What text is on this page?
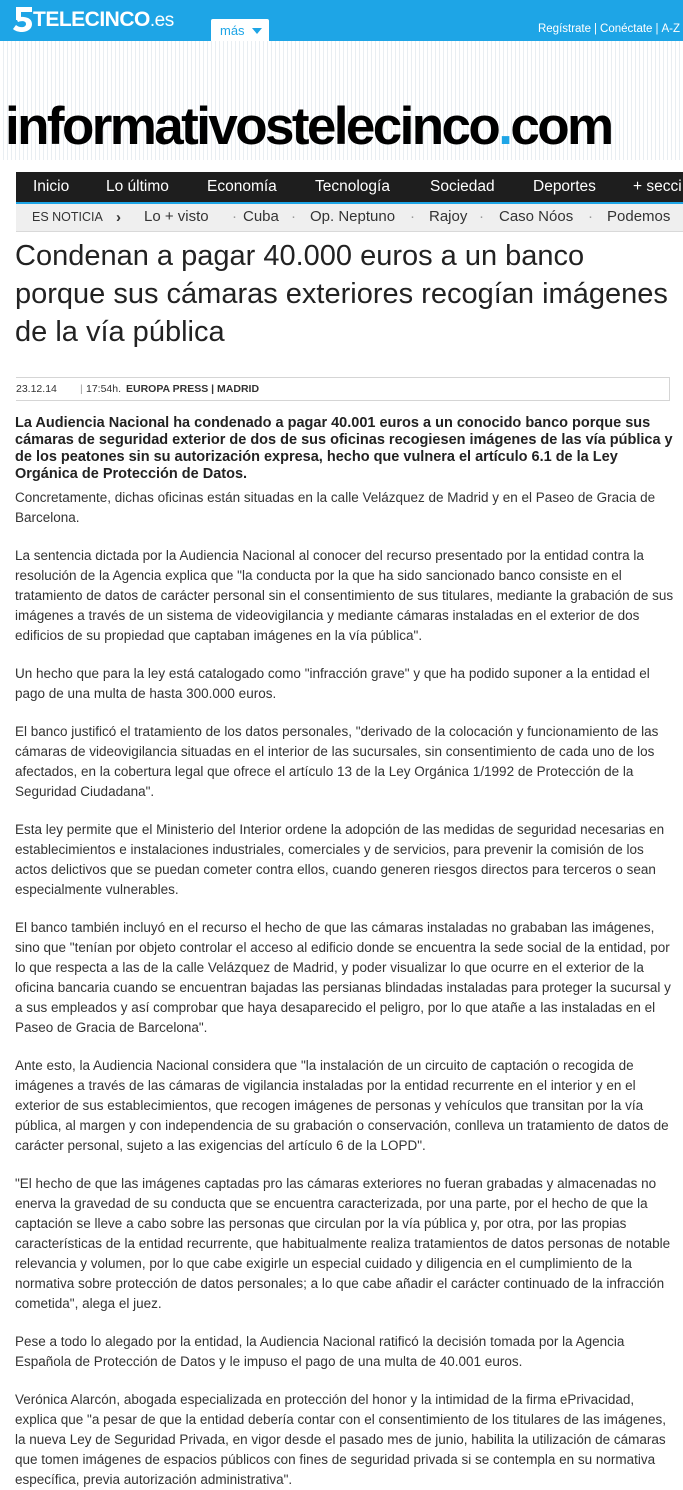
TELECINCO.es	más	Regístrate | Conéctate | A-Z
informativostelecinco.com
Inicio Lo último Economía Tecnología	Sociedad Deportes + secci
ES NOTICIA › Lo + visto · Cuba · Op. Neptuno · Rajoy · Caso Nóos · Podemos
Condenan a pagar 40.000 euros a un banco porque sus cámaras exteriores recogían imágenes de la vía pública
23.12.14 | 17:54h. EUROPA PRESS | MADRID

La Audiencia Nacional ha condenado a pagar 40.001 euros a un conocido banco porque sus cámaras de seguridad exterior de dos de sus oficinas recogiesen imágenes de las vía pública y de los peatones sin su autorización expresa, hecho que vulnera el artículo 6.1 de la Ley Orgánica de Protección de Datos.

Concretamente, dichas oficinas están situadas en la calle Velázquez de Madrid y en el Paseo de Gracia de Barcelona.

La sentencia dictada por la Audiencia Nacional al conocer del recurso presentado por la entidad contra la resolución de la Agencia explica que "la conducta por la que ha sido sancionado banco consiste en el tratamiento de datos de carácter personal sin el consentimiento de sus titulares, mediante la grabación de sus imágenes a través de un sistema de videovigilancia y mediante cámaras instaladas en el exterior de dos edificios de su propiedad que captaban imágenes en la vía pública".

Un hecho que para la ley está catalogado como "infracción grave" y que ha podido suponer a la entidad el pago de una multa de hasta 300.000 euros.

El banco justificó el tratamiento de los datos personales, "derivado de la colocación y funcionamiento de las cámaras de videovigilancia situadas en el interior de las sucursales, sin consentimiento de cada uno de los afectados, en la cobertura legal que ofrece el artículo 13 de la Ley Orgánica 1/1992 de Protección de la Seguridad Ciudadana".

Esta ley permite que el Ministerio del Interior ordene la adopción de las medidas de seguridad necesarias en establecimientos e instalaciones industriales, comerciales y de servicios, para prevenir la comisión de los actos delictivos que se puedan cometer contra ellos, cuando generen riesgos directos para terceros o sean especialmente vulnerables.

El banco también incluyó en el recurso el hecho de que las cámaras instaladas no grababan las imágenes, sino que "tenían por objeto controlar el acceso al edificio donde se encuentra la sede social de la entidad, por lo que respecta a las de la calle Velázquez de Madrid, y poder visualizar lo que ocurre en el exterior de la oficina bancaria cuando se encuentran bajadas las persianas blindadas instaladas para proteger la sucursal y a sus empleados y así comprobar que haya desaparecido el peligro, por lo que atañe a las instaladas en el Paseo de Gracia de Barcelona".

Ante esto, la Audiencia Nacional considera que "la instalación de un circuito de captación o recogida de imágenes a través de las cámaras de vigilancia instaladas por la entidad recurrente en el interior y en el exterior de sus establecimientos, que recogen imágenes de personas y vehículos que transitan por la vía pública, al margen y con independencia de su grabación o conservación, conlleva un tratamiento de datos de carácter personal, sujeto a las exigencias del artículo 6 de la LOPD".

"El hecho de que las imágenes captadas pro las cámaras exteriores no fueran grabadas y almacenadas no enerva la gravedad de su conducta que se encuentra caracterizada, por una parte, por el hecho de que la captación se lleve a cabo sobre las personas que circulan por la vía pública y, por otra, por las propias características de la entidad recurrente, que habitualmente realiza tratamientos de datos personas de notable relevancia y volumen, por lo que cabe exigirle un especial cuidado y diligencia en el cumplimiento de la normativa sobre protección de datos personales; a lo que cabe añadir el carácter continuado de la infracción cometida", alega el juez.

Pese a todo lo alegado por la entidad, la Audiencia Nacional ratificó la decisión tomada por la Agencia Española de Protección de Datos y le impuso el pago de una multa de 40.001 euros.

Verónica Alarcón, abogada especializada en protección del honor y la intimidad de la firma ePrivacidad, explica que "a pesar de que la entidad debería contar con el consentimiento de los titulares de las imágenes, la nueva Ley de Seguridad Privada, en vigor desde el pasado mes de junio, habilita la utilización de cámaras que tomen imágenes de espacios públicos con fines de seguridad privada si se contempla en su normativa específica, previa autorización administrativa".
